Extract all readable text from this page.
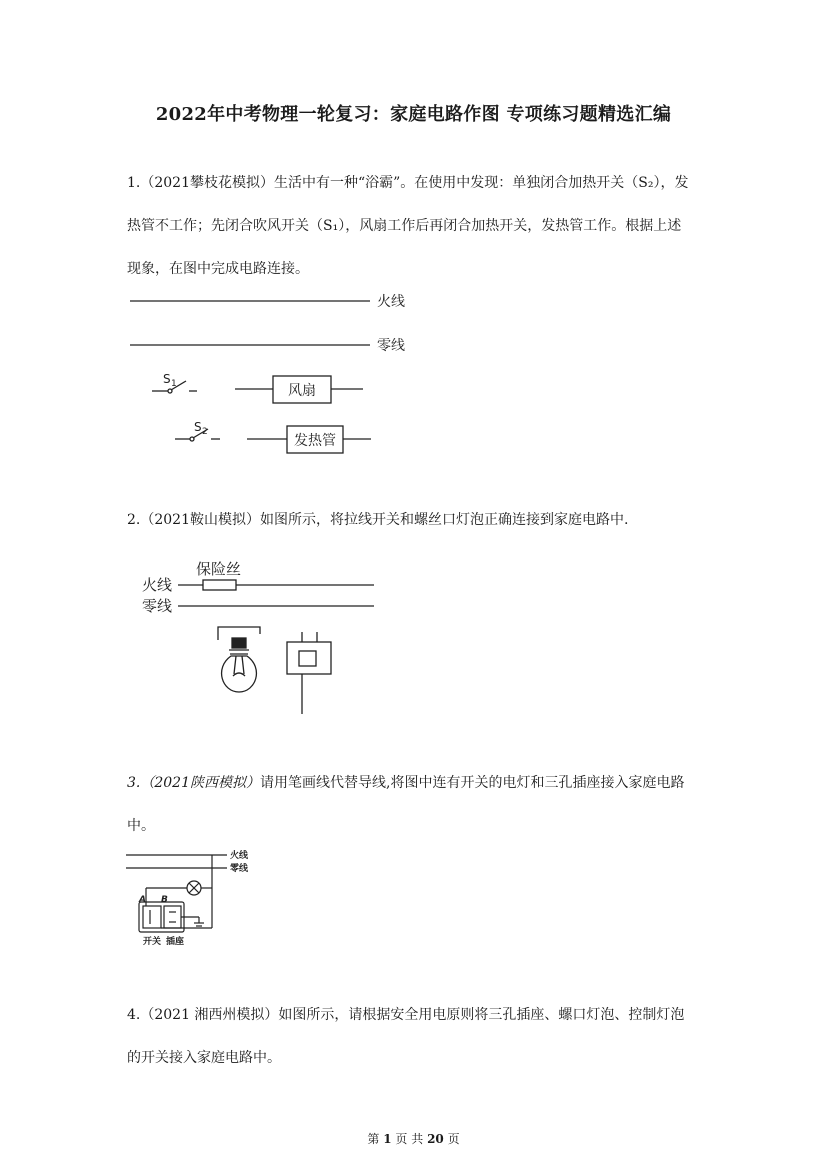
2022年中考物理一轮复习：家庭电路作图 专项练习题精选汇编
1.（2021攀枝花模拟）生活中有一种“浴霸”。在使用中发现：单独闭合加热开关（S₂），发
热管不工作；先闭合吹风开关（S₁），风扇工作后再闭合加热开关，发热管工作。根据上述
现象，在图中完成电路连接。
火线
零线
风扇
发热管
S 1
S 2
2.（2021鞍山模拟）如图所示，将拉线开关和螺丝口灯泡正确连接到家庭电路中.
保险丝
火线
零线
3.（2021陕西模拟）请用笔画线代替导线,将图中连有开关的电灯和三孔插座接入家庭电路
中。
火线
零线
A B
开关 插座
4.（2021 湘西州模拟）如图所示，请根据安全用电原则将三孔插座、螺口灯泡、控制灯泡
的开关接入家庭电路中。
第 1 页 共 20 页
